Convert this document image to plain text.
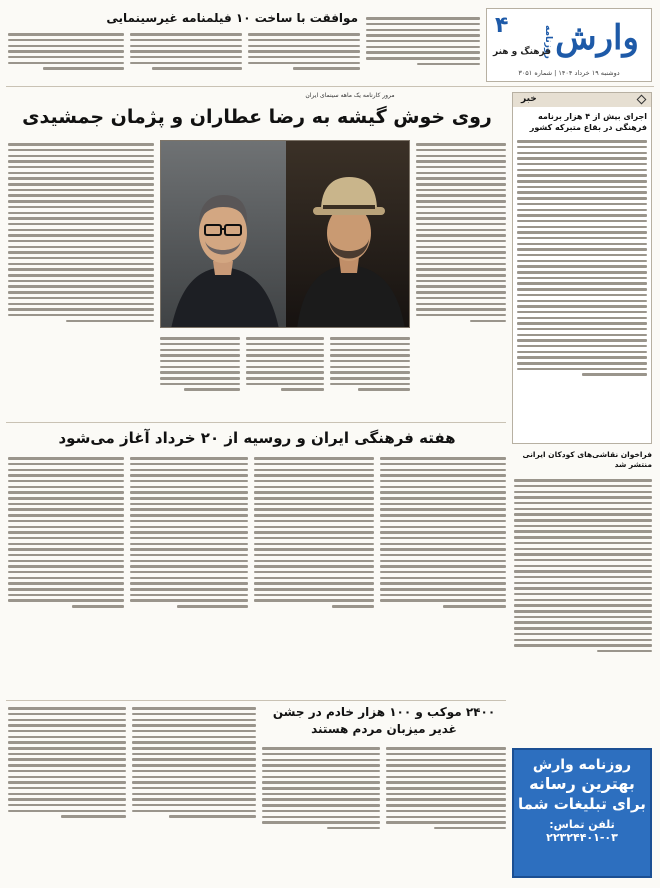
وارش
روزنامه
۴
فرهنگ و هنر
دوشنبه ۱۹ خرداد ۱۴۰۴ | شماره ۳۰۵۱
موافقت با ساخت ۱۰ فیلمنامه غیرسینمایی
خبر
اجرای بیش از ۴ هزار برنامه فرهنگی در بقاع متبرکه کشور
مرور کارنامه یک ماهه سینمای ایران
روی خوش گیشه به رضا عطاران و پژمان جمشیدی
هفته فرهنگی ایران و روسیه از ۲۰ خرداد آغاز می‌شود
فراخوان نقاشی‌های کودکان ایرانی منتشر شد
۲۴۰۰ موکب و ۱۰۰ هزار خادم در جشن غدیر میزبان مردم هستند
روزنامه وارش
بهترین رسانه
برای تبلیغات شما
تلفن تماس: ۰۳-۲۲۳۲۴۴۰۱
